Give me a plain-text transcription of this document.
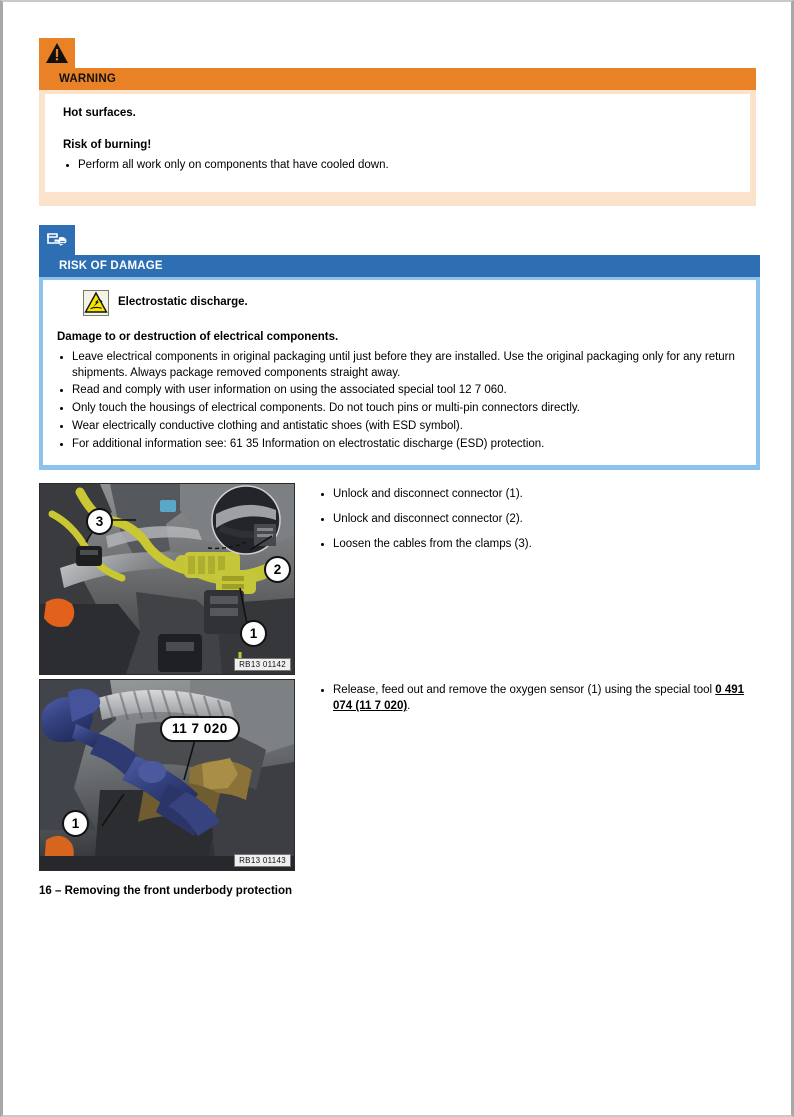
WARNING
Hot surfaces.
Risk of burning!
Perform all work only on components that have cooled down.
RISK OF DAMAGE
Electrostatic discharge.
Damage to or destruction of electrical components.
Leave electrical components in original packaging until just before they are installed. Use the original packaging only for any return shipments. Always package removed components straight away.
Read and comply with user information on using the associated special tool 12 7 060.
Only touch the housings of electrical components. Do not touch pins or multi-pin connectors directly.
Wear electrically conductive clothing and antistatic shoes (with ESD symbol).
For additional information see: 61 35 Information on electrostatic discharge (ESD) protection.
3
2
1
RB13 01142
Unlock and disconnect connector (1).
Unlock and disconnect connector (2).
Loosen the cables from the clamps (3).
11 7 020
1
RB13 01143
Release, feed out and remove the oxygen sensor (1) using the special tool 0 491 074 (11 7 020).
16 – Removing the front underbody protection
